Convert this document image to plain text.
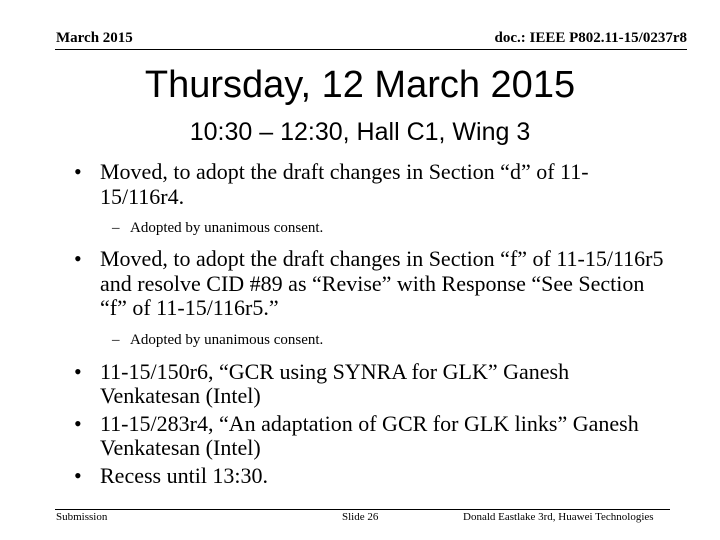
March 2015	doc.: IEEE P802.11-15/0237r8
Thursday, 12 March 2015
10:30 – 12:30, Hall C1, Wing 3
• Moved, to adopt the draft changes in Section “d” of 11-15/116r4.
– Adopted by unanimous consent.
• Moved, to adopt the draft changes in Section “f” of 11-15/116r5 and resolve CID #89 as “Revise” with Response “See Section “f” of 11-15/116r5.”
– Adopted by unanimous consent.
• 11-15/150r6, “GCR using SYNRA for GLK” Ganesh Venkatesan (Intel)
• 11-15/283r4, “An adaptation of GCR for GLK links” Ganesh Venkatesan (Intel)
• Recess until 13:30.
Submission	Slide 26	Donald Eastlake 3rd, Huawei Technologies
